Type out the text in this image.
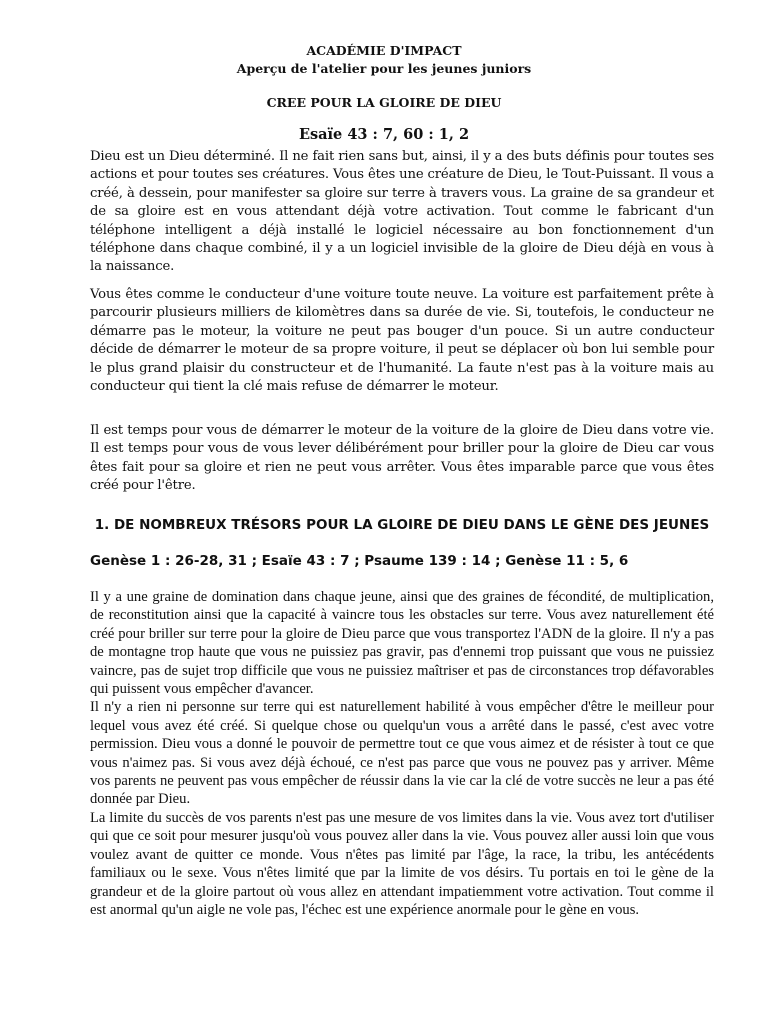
ACADÉMIE D'IMPACT
Aperçu de l'atelier pour les jeunes juniors
CREE POUR LA GLOIRE DE DIEU
Esaïe 43 : 7, 60 : 1, 2
Dieu est un Dieu déterminé. Il ne fait rien sans but, ainsi, il y a des buts définis pour toutes ses actions et pour toutes ses créatures. Vous êtes une créature de Dieu, le Tout-Puissant. Il vous a créé, à dessein, pour manifester sa gloire sur terre à travers vous. La graine de sa grandeur et de sa gloire est en vous attendant déjà votre activation. Tout comme le fabricant d'un téléphone intelligent a déjà installé le logiciel nécessaire au bon fonctionnement d'un téléphone dans chaque combiné, il y a un logiciel invisible de la gloire de Dieu déjà en vous à la naissance.
Vous êtes comme le conducteur d'une voiture toute neuve. La voiture est parfaitement prête à parcourir plusieurs milliers de kilomètres dans sa durée de vie. Si, toutefois, le conducteur ne démarre pas le moteur, la voiture ne peut pas bouger d'un pouce. Si un autre conducteur décide de démarrer le moteur de sa propre voiture, il peut se déplacer où bon lui semble pour le plus grand plaisir du constructeur et de l'humanité. La faute n'est pas à la voiture mais au conducteur qui tient la clé mais refuse de démarrer le moteur.
Il est temps pour vous de démarrer le moteur de la voiture de la gloire de Dieu dans votre vie. Il est temps pour vous de vous lever délibérément pour briller pour la gloire de Dieu car vous êtes fait pour sa gloire et rien ne peut vous arrêter. Vous êtes imparable parce que vous êtes créé pour l'être.
1. DE NOMBREUX TRÉSORS POUR LA GLOIRE DE DIEU DANS LE GÈNE DES JEUNES
Genèse 1 : 26-28, 31 ; Esaïe 43 : 7 ; Psaume 139 : 14 ; Genèse 11 : 5, 6

Il y a une graine de domination dans chaque jeune, ainsi que des graines de fécondité, de multiplication, de reconstitution ainsi que la capacité à vaincre tous les obstacles sur terre. Vous avez naturellement été créé pour briller sur terre pour la gloire de Dieu parce que vous transportez l'ADN de la gloire. Il n'y a pas de montagne trop haute que vous ne puissiez pas gravir, pas d'ennemi trop puissant que vous ne puissiez vaincre, pas de sujet trop difficile que vous ne puissiez maîtriser et pas de circonstances trop défavorables qui puissent vous empêcher d'avancer.

Il n'y a rien ni personne sur terre qui est naturellement habilité à vous empêcher d'être le meilleur pour lequel vous avez été créé. Si quelque chose ou quelqu'un vous a arrêté dans le passé, c'est avec votre permission. Dieu vous a donné le pouvoir de permettre tout ce que vous aimez et de résister à tout ce que vous n'aimez pas. Si vous avez déjà échoué, ce n'est pas parce que vous ne pouvez pas y arriver. Même vos parents ne peuvent pas vous empêcher de réussir dans la vie car la clé de votre succès ne leur a pas été donnée par Dieu.

La limite du succès de vos parents n'est pas une mesure de vos limites dans la vie. Vous avez tort d'utiliser qui que ce soit pour mesurer jusqu'où vous pouvez aller dans la vie. Vous pouvez aller aussi loin que vous voulez avant de quitter ce monde. Vous n'êtes pas limité par l'âge, la race, la tribu, les antécédents familiaux ou le sexe. Vous n'êtes limité que par la limite de vos désirs. Tu portais en toi le gène de la grandeur et de la gloire partout où vous allez en attendant impatiemment votre activation. Tout comme il est anormal qu'un aigle ne vole pas, l'échec est une expérience anormale pour le gène en vous.
